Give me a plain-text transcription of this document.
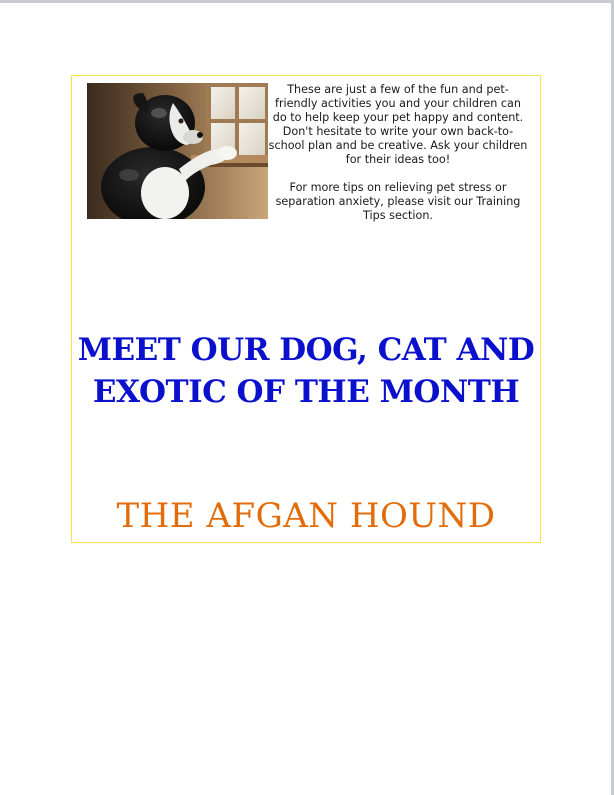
These are just a few of the fun and pet-friendly activities you and your children can do to help keep your pet happy and content. Don't hesitate to write your own back-to-school plan and be creative. Ask your children for their ideas too!

For more tips on relieving pet stress or separation anxiety, please visit our Training Tips section.

MEET OUR DOG, CAT AND EXOTIC OF THE MONTH
THE AFGAN HOUND
